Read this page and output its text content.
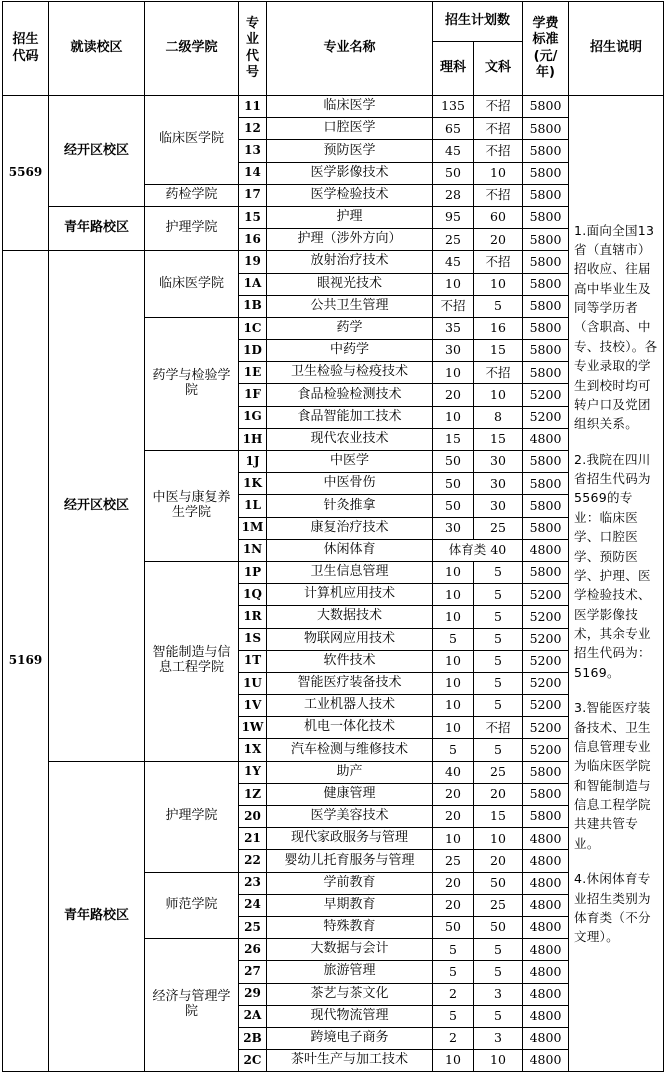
招生代码	就读校区	二级学院	专业代号	专业名称	招生计划数		学费标准(元/年)	招生说明
					理科	文科		
5569	经开区校区	临床医学院	11	临床医学	135	不招	5800	1.面向全国13省（直辖市）招收应、往届高中毕业生及同等学历者（含职高、中专、技校）。各专业录取的学生到校时均可转户口及党团组织关系。
2.我院在四川省招生代码为5569的专业：临床医学、口腔医学、预防医学、护理、医学检验技术、医学影像技术，其余专业招生代码为：5169。
3.智能医疗装备技术、卫生信息管理专业为临床医学院和智能制造与信息工程学院共建共管专业。
4.休闲体育专业招生类别为体育类（不分文理）。

			12	口腔医学	65	不招	5800	
			13	预防医学	45	不招	5800	
			14	医学影像技术	50	10	5800	
		药检学院	17	医学检验技术	28	不招	5800	
	青年路校区	护理学院	15	护理	95	60	5800	
			16	护理（涉外方向）	25	20	5800	
5169	经开区校区	临床医学院	19	放射治疗技术	45	不招	5800	
			1A	眼视光技术	10	10	5800	
			1B	公共卫生管理	不招	5	5800	
		药学与检验学院	1C	药学	35	16	5800	
			1D	中药学	30	15	5800	
			1E	卫生检验与检疫技术	10	不招	5800	
			1F	食品检验检测技术	20	10	5200	
			1G	食品智能加工技术	10	8	5200	
			1H	现代农业技术	15	15	4800	
		中医与康复养生学院	1J	中医学	50	30	5800	
			1K	中医骨伤	50	30	5800	
			1L	针灸推拿	50	30	5800	
			1M	康复治疗技术	30	25	5800	
			1N	休闲体育	体育类 40		4800	
		智能制造与信息工程学院	1P	卫生信息管理	10	5	5800	
			1Q	计算机应用技术	10	5	5200	
			1R	大数据技术	10	5	5200	
			1S	物联网应用技术	5	5	5200	
			1T	软件技术	10	5	5200	
			1U	智能医疗装备技术	10	5	5200	
			1V	工业机器人技术	10	5	5200	
			1W	机电一体化技术	10	不招	5200	
			1X	汽车检测与维修技术	5	5	5200	
	青年路校区	护理学院	1Y	助产	40	25	5800	
			1Z	健康管理	20	20	5800	
			20	医学美容技术	20	15	5800	
			21	现代家政服务与管理	10	10	4800	
			22	婴幼儿托育服务与管理	25	20	4800	
		师范学院	23	学前教育	20	50	4800	
			24	早期教育	20	25	4800	
			25	特殊教育	50	50	4800	
		经济与管理学院	26	大数据与会计	5	5	4800	
			27	旅游管理	5	5	4800	
			29	茶艺与茶文化	2	3	4800	
			2A	现代物流管理	5	5	4800	
			2B	跨境电子商务	2	3	4800	
			2C	茶叶生产与加工技术	10	10	4800	
